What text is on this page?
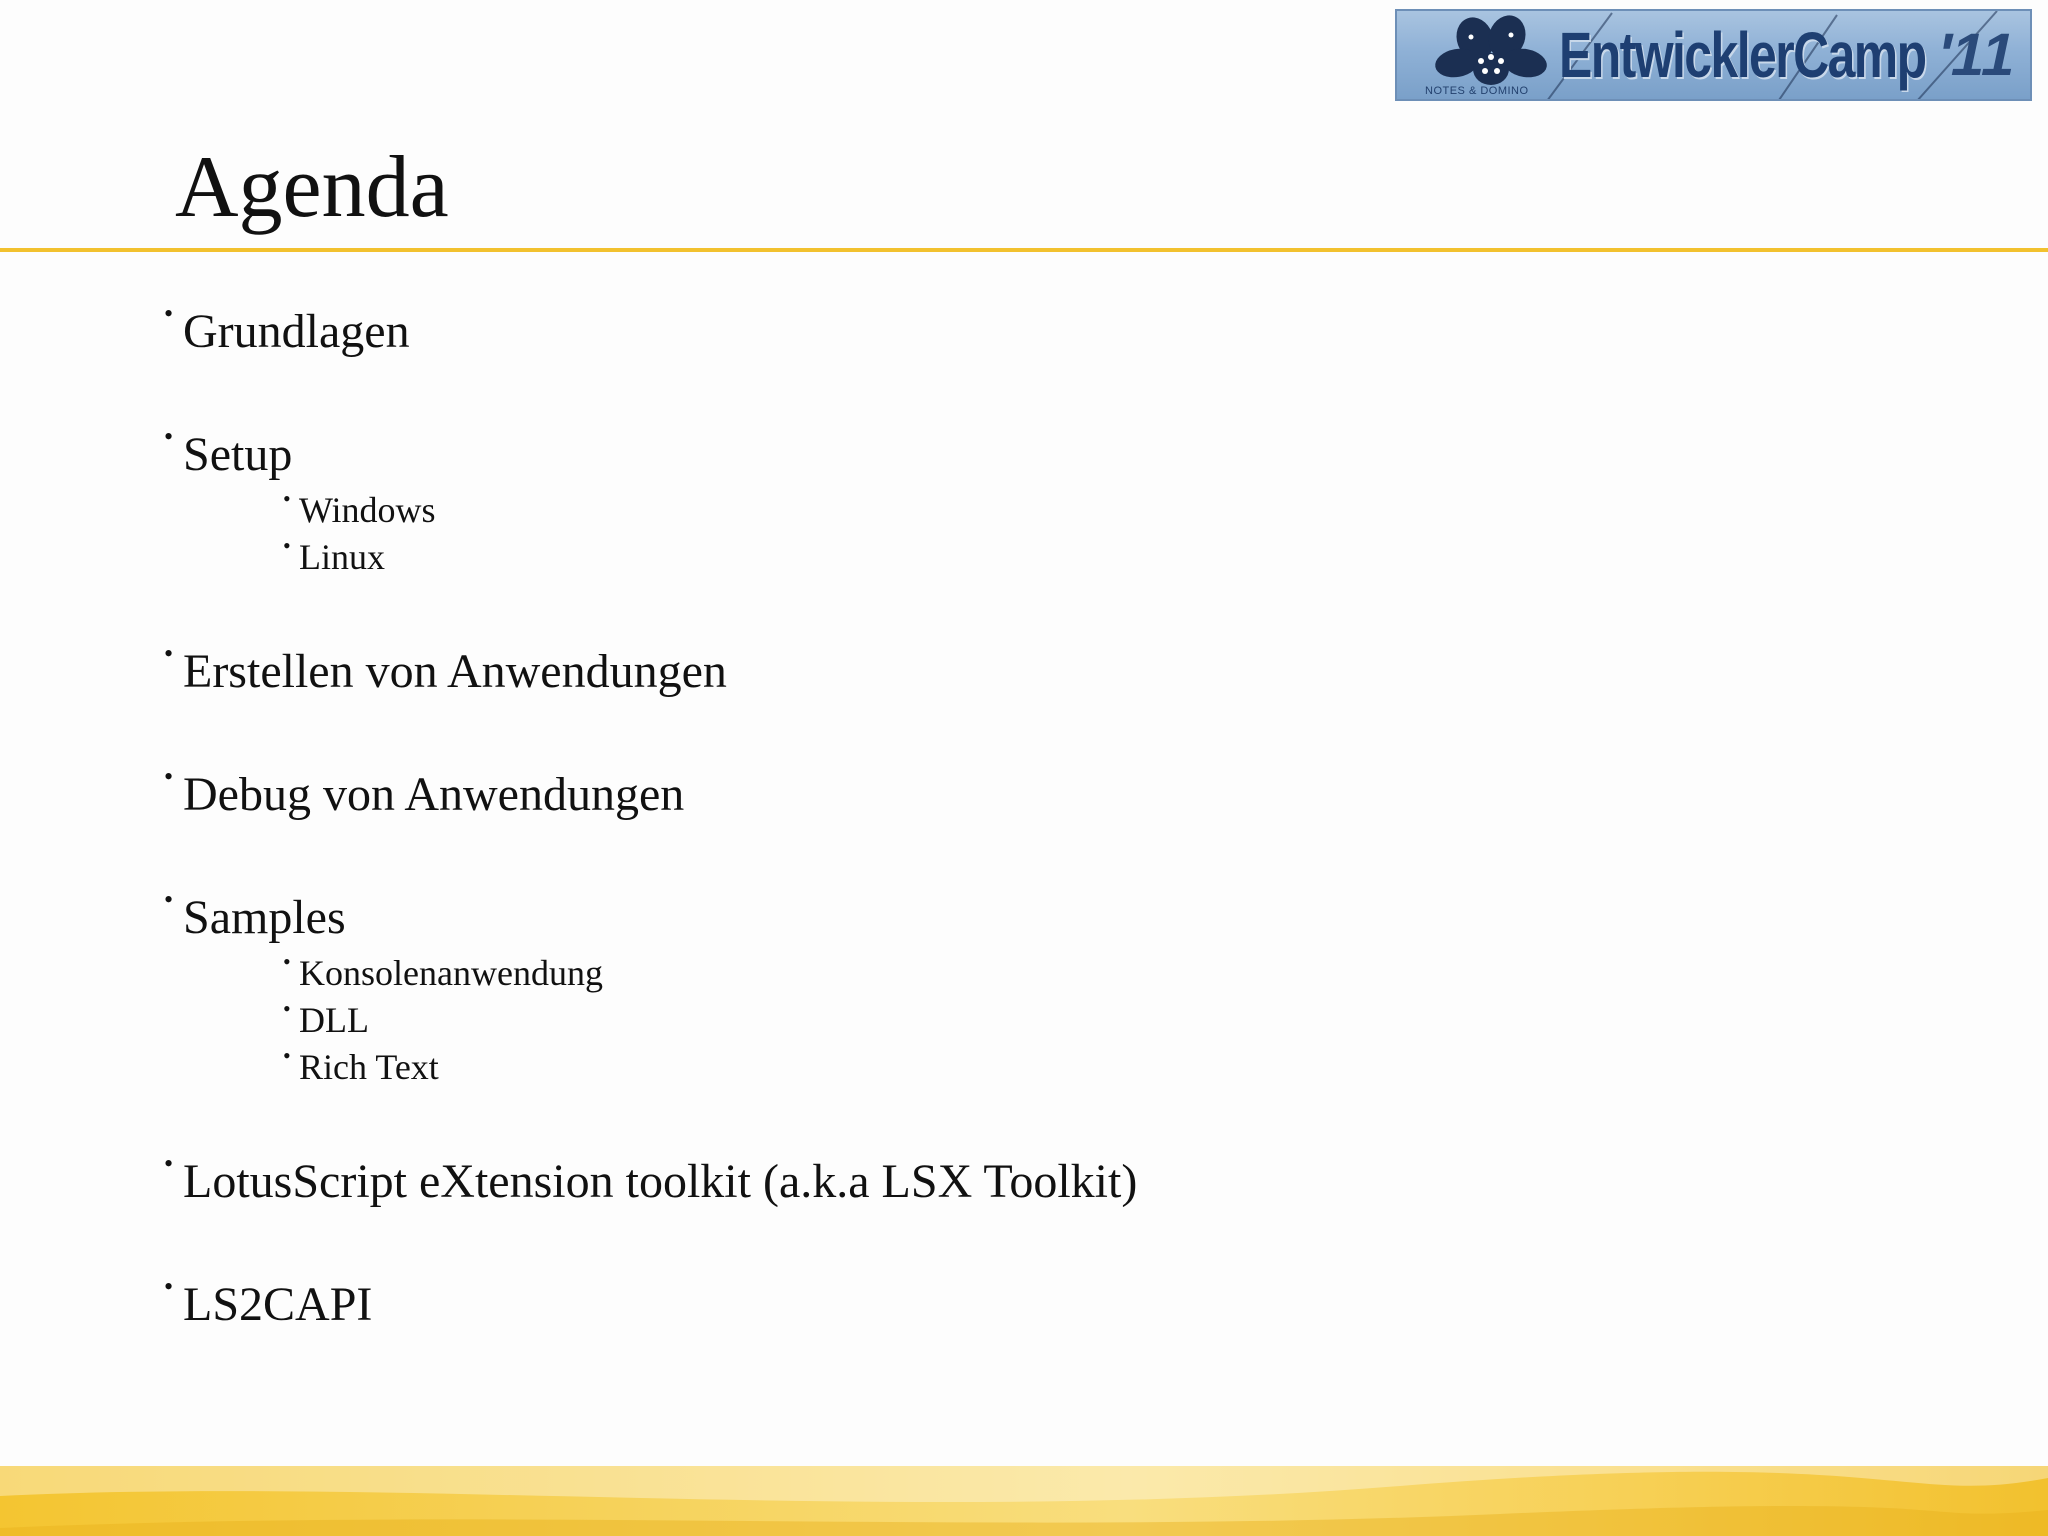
EntwicklerCamp '11
NOTES & DOMINO
Agenda
• Grundlagen
• Setup
• Windows
• Linux
• Erstellen von Anwendungen
• Debug von Anwendungen
• Samples
• Konsolenanwendung
• DLL
• Rich Text
• LotusScript eXtension toolkit (a.k.a LSX Toolkit)
• LS2CAPI
